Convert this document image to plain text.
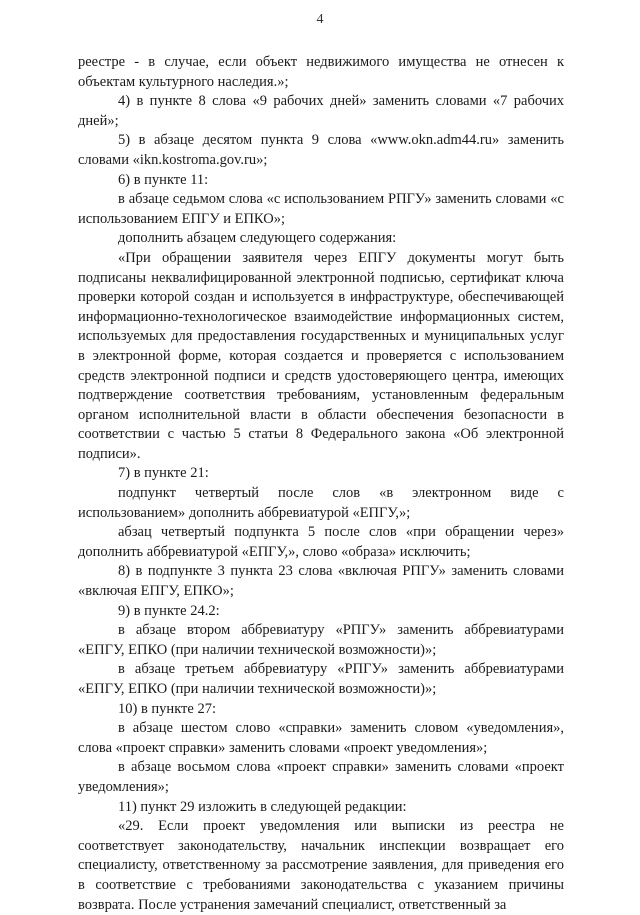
4

реестре - в случае, если объект недвижимого имущества не отнесен к объектам культурного наследия.»;

4) в пункте 8 слова «9 рабочих дней» заменить словами «7 рабочих дней»;

5) в абзаце десятом пункта 9 слова «www.okn.adm44.ru» заменить словами «ikn.kostroma.gov.ru»;

6) в пункте 11:

в абзаце седьмом слова «с использованием РПГУ» заменить словами «с использованием ЕПГУ и ЕПКО»;

дополнить абзацем следующего содержания:

«При обращении заявителя через ЕПГУ документы могут быть подписаны неквалифицированной электронной подписью, сертификат ключа проверки которой создан и используется в инфраструктуре, обеспечивающей информационно-технологическое взаимодействие информационных систем, используемых для предоставления государственных и муниципальных услуг в электронной форме, которая создается и проверяется с использованием средств электронной подписи и средств удостоверяющего центра, имеющих подтверждение соответствия требованиям, установленным федеральным органом исполнительной власти в области обеспечения безопасности в соответствии с частью 5 статьи 8 Федерального закона «Об электронной подписи».

7) в пункте 21:

подпункт четвертый после слов «в электронном виде с использованием» дополнить аббревиатурой «ЕПГУ,»;

абзац четвертый подпункта 5 после слов «при обращении через» дополнить аббревиатурой «ЕПГУ,», слово «образа» исключить;

8) в подпункте 3 пункта 23 слова «включая РПГУ» заменить словами «включая ЕПГУ, ЕПКО»;

9) в пункте 24.2:

в абзаце втором аббревиатуру «РПГУ» заменить аббревиатурами «ЕПГУ, ЕПКО (при наличии технической возможности)»;

в абзаце третьем аббревиатуру «РПГУ» заменить аббревиатурами «ЕПГУ, ЕПКО (при наличии технической возможности)»;

10) в пункте 27:

в абзаце шестом слово «справки» заменить словом «уведомления», слова «проект справки» заменить словами «проект уведомления»;

в абзаце восьмом слова «проект справки» заменить словами «проект уведомления»;

11) пункт 29 изложить в следующей редакции:

«29. Если проект уведомления или выписки из реестра не соответствует законодательству, начальник инспекции возвращает его специалисту, ответственному за рассмотрение заявления, для приведения его в соответствие с требованиями законодательства с указанием причины возврата. После устранения замечаний специалист, ответственный за
